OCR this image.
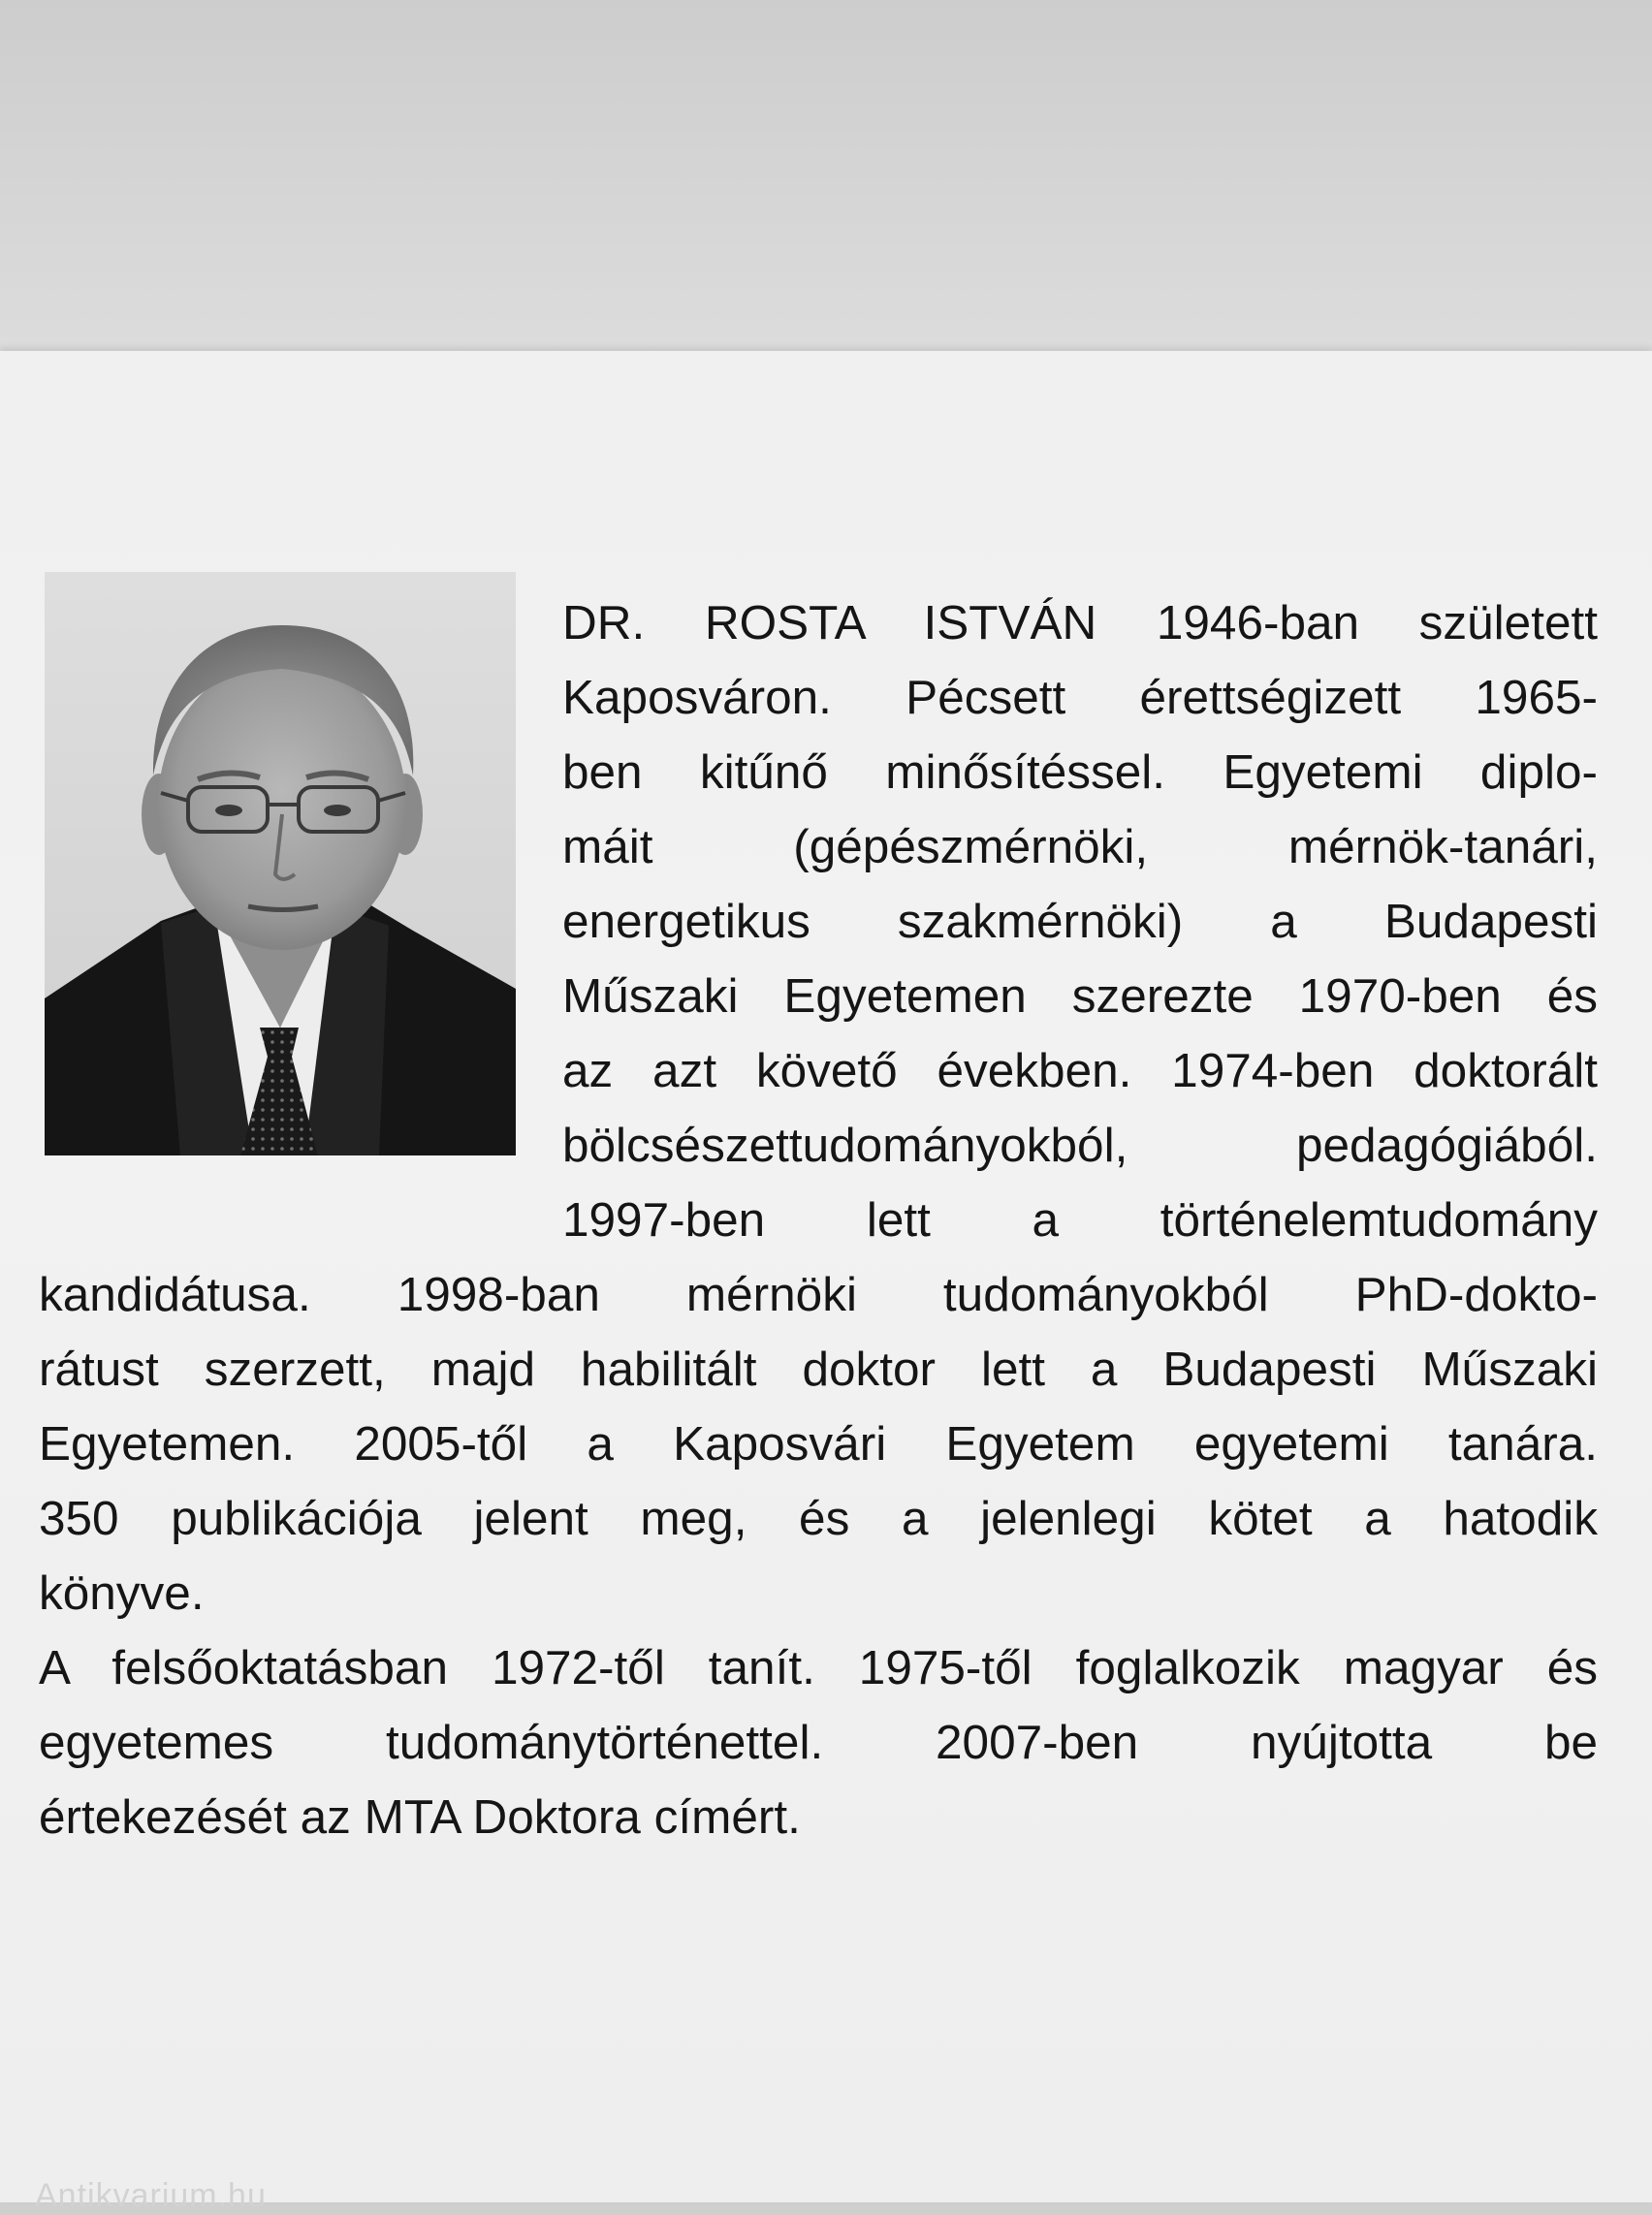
DR. ROSTA ISTVÁN 1946-ban született
Kaposváron. Pécsett érettségizett 1965-
ben kitűnő minősítéssel. Egyetemi diplo-
máit (gépészmérnöki, mérnök-tanári,
energetikus szakmérnöki) a Budapesti
Műszaki Egyetemen szerezte 1970-ben és
az azt követő években. 1974-ben doktorált
bölcsészettudományokból, pedagógiából.
1997-ben lett a történelemtudomány
kandidátusa. 1998-ban mérnöki tudományokból PhD-dokto-
rátust szerzett, majd habilitált doktor lett a Budapesti Műszaki
Egyetemen. 2005-től a Kaposvári Egyetem egyetemi tanára.
350 publikációja jelent meg, és a jelenlegi kötet a hatodik
könyve.
A felsőoktatásban 1972-től tanít. 1975-től foglalkozik magyar és
egyetemes tudománytörténettel. 2007-ben nyújtotta be
értekezését az MTA Doktora címért.
Antikvarium.hu
